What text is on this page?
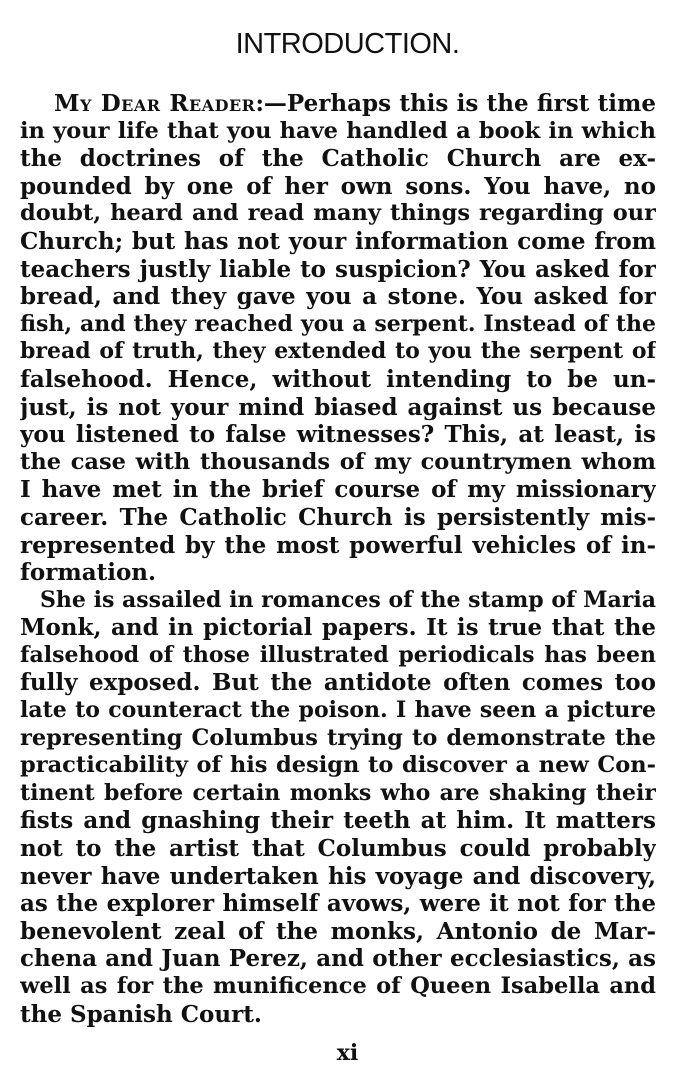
INTRODUCTION.
My Dear Reader:—Perhaps this is the first time
in your life that you have handled a book in which
the doctrines of the Catholic Church are ex-
pounded by one of her own sons. You have, no
doubt, heard and read many things regarding our
Church; but has not your information come from
teachers justly liable to suspicion? You asked for
bread, and they gave you a stone. You asked for
fish, and they reached you a serpent. Instead of the
bread of truth, they extended to you the serpent of
falsehood. Hence, without intending to be un-
just, is not your mind biased against us because
you listened to false witnesses? This, at least, is
the case with thousands of my countrymen whom
I have met in the brief course of my missionary
career. The Catholic Church is persistently mis-
represented by the most powerful vehicles of in-
formation.
She is assailed in romances of the stamp of Maria
Monk, and in pictorial papers. It is true that the
falsehood of those illustrated periodicals has been
fully exposed. But the antidote often comes too
late to counteract the poison. I have seen a picture
representing Columbus trying to demonstrate the
practicability of his design to discover a new Con-
tinent before certain monks who are shaking their
fists and gnashing their teeth at him. It matters
not to the artist that Columbus could probably
never have undertaken his voyage and discovery,
as the explorer himself avows, were it not for the
benevolent zeal of the monks, Antonio de Mar-
chena and Juan Perez, and other ecclesiastics, as
well as for the munificence of Queen Isabella and
the Spanish Court.
xi
